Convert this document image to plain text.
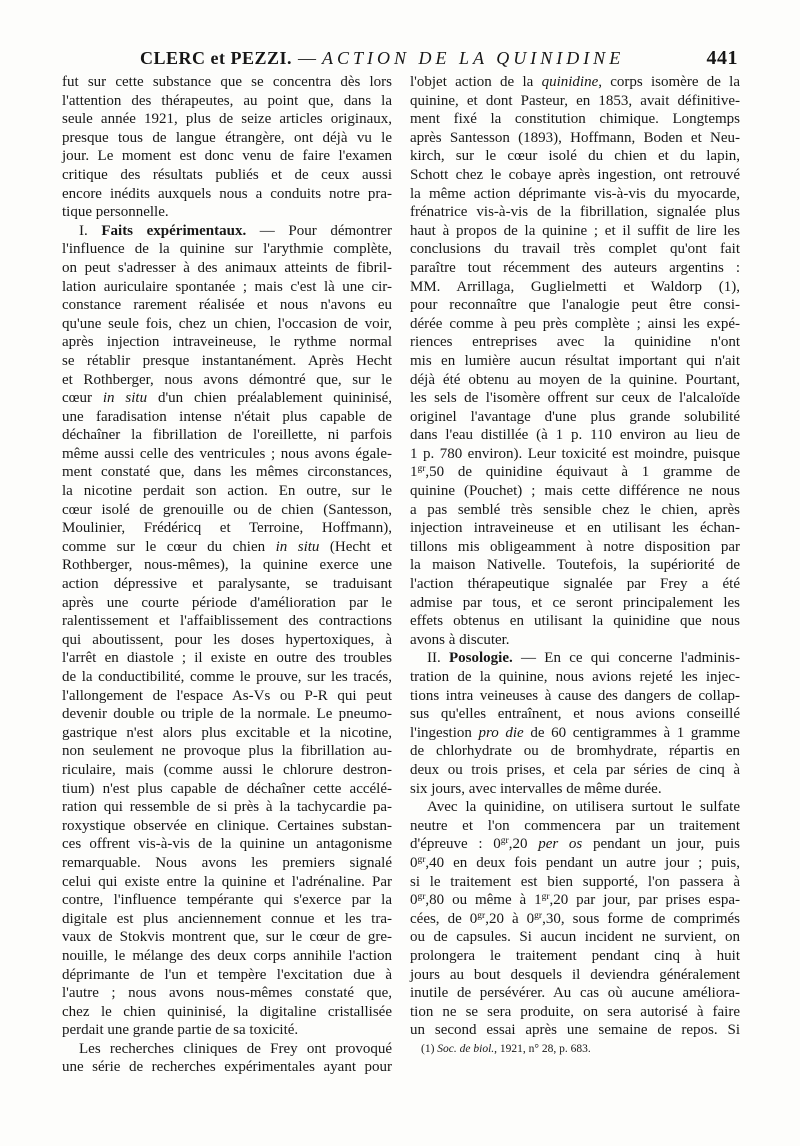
CLERC et PEZZI. — ACTION DE LA QUINIDINE	441
fut sur cette substance que se concentra dès lors
l'attention des thérapeutes, au point que, dans la
seule année 1921, plus de seize articles originaux,
presque tous de langue étrangère, ont déjà vu le
jour. Le moment est donc venu de faire l'examen
critique des résultats publiés et de ceux aussi
encore inédits auxquels nous a conduits notre pra-
tique personnelle.
I. Faits expérimentaux. — Pour démontrer
l'influence de la quinine sur l'arythmie complète,
on peut s'adresser à des animaux atteints de fibril-
lation auriculaire spontanée ; mais c'est là une cir-
constance rarement réalisée et nous n'avons eu
qu'une seule fois, chez un chien, l'occasion de voir,
après injection intraveineuse, le rythme normal
se rétablir presque instantanément. Après Hecht
et Rothberger, nous avons démontré que, sur le
cœur in situ d'un chien préalablement quininisé,
une faradisation intense n'était plus capable de
déchaîner la fibrillation de l'oreillette, ni parfois
même aussi celle des ventricules ; nous avons égale-
ment constaté que, dans les mêmes circonstances,
la nicotine perdait son action. En outre, sur le
cœur isolé de grenouille ou de chien (Santesson,
Moulinier, Frédéricq et Terroine, Hoffmann),
comme sur le cœur du chien in situ (Hecht et
Rothberger, nous-mêmes), la quinine exerce une
action dépressive et paralysante, se traduisant
après une courte période d'amélioration par le
ralentissement et l'affaiblissement des contractions
qui aboutissent, pour les doses hypertoxiques, à
l'arrêt en diastole ; il existe en outre des troubles
de la conductibilité, comme le prouve, sur les tracés,
l'allongement de l'espace As-Vs ou P-R qui peut
devenir double ou triple de la normale. Le pneumo-
gastrique n'est alors plus excitable et la nicotine,
non seulement ne provoque plus la fibrillation au-
riculaire, mais (comme aussi le chlorure destron-
tium) n'est plus capable de déchaîner cette accélé-
ration qui ressemble de si près à la tachycardie pa-
roxystique observée en clinique. Certaines substan-
ces offrent vis-à-vis de la quinine un antagonisme
remarquable. Nous avons les premiers signalé
celui qui existe entre la quinine et l'adrénaline. Par
contre, l'influence tempérante qui s'exerce par la
digitale est plus anciennement connue et les tra-
vaux de Stokvis montrent que, sur le cœur de gre-
nouille, le mélange des deux corps annihile l'action
déprimante de l'un et tempère l'excitation due à
l'autre ; nous avons nous-mêmes constaté que,
chez le chien quininisé, la digitaline cristallisée
perdait une grande partie de sa toxicité.
Les recherches cliniques de Frey ont provoqué
une série de recherches expérimentales ayant pour
l'objet action de la quinidine, corps isomère de la
quinine, et dont Pasteur, en 1853, avait définitive-
ment fixé la constitution chimique. Longtemps
après Santesson (1893), Hoffmann, Boden et Neu-
kirch, sur le cœur isolé du chien et du lapin,
Schott chez le cobaye après ingestion, ont retrouvé
la même action déprimante vis-à-vis du myocarde,
frénatrice vis-à-vis de la fibrillation, signalée plus
haut à propos de la quinine ; et il suffit de lire les
conclusions du travail très complet qu'ont fait
paraître tout récemment des auteurs argentins :
MM. Arrillaga, Guglielmetti et Waldorp (1),
pour reconnaître que l'analogie peut être consi-
dérée comme à peu près complète ; ainsi les expé-
riences entreprises avec la quinidine n'ont
mis en lumière aucun résultat important qui n'ait
déjà été obtenu au moyen de la quinine. Pourtant,
les sels de l'isomère offrent sur ceux de l'alcaloïde
originel l'avantage d'une plus grande solubilité
dans l'eau distillée (à 1 p. 110 environ au lieu de
1 p. 780 environ). Leur toxicité est moindre, puisque
$1^{gr},50$ de quinidine équivaut à 1 gramme de
quinine (Pouchet) ; mais cette différence ne nous
a pas semblé très sensible chez le chien, après
injection intraveineuse et en utilisant les échan-
tillons mis obligeamment à notre disposition par
la maison Nativelle. Toutefois, la supériorité de
l'action thérapeutique signalée par Frey a été
admise par tous, et ce seront principalement les
effets obtenus en utilisant la quinidine que nous
avons à discuter.
II. Posologie. — En ce qui concerne l'adminis-
tration de la quinine, nous avions rejeté les injec-
tions intra veineuses à cause des dangers de collap-
sus qu'elles entraînent, et nous avions conseillé
l'ingestion pro die de 60 centigrammes à 1 gramme
de chlorhydrate ou de bromhydrate, répartis en
deux ou trois prises, et cela par séries de cinq à
six jours, avec intervalles de même durée.
Avec la quinidine, on utilisera surtout le sulfate
neutre et l'on commencera par un traitement
d'épreuve : $0^{gr},20$ per os pendant un jour, puis
$0^{gr},40$ en deux fois pendant un autre jour ; puis,
si le traitement est bien supporté, l'on passera à
$0^{gr},80$ ou même à $1^{gr},20$ par jour, par prises espa-
cées, de $0^{gr},20$ à $0^{gr},30$, sous forme de comprimés
ou de capsules. Si aucun incident ne survient, on
prolongera le traitement pendant cinq à huit
jours au bout desquels il deviendra généralement
inutile de persévérer. Au cas où aucune améliora-
tion ne se sera produite, on sera autorisé à faire
un second essai après une semaine de repos. Si
(1) Soc. de biol., 1921, n° 28, p. 683.
